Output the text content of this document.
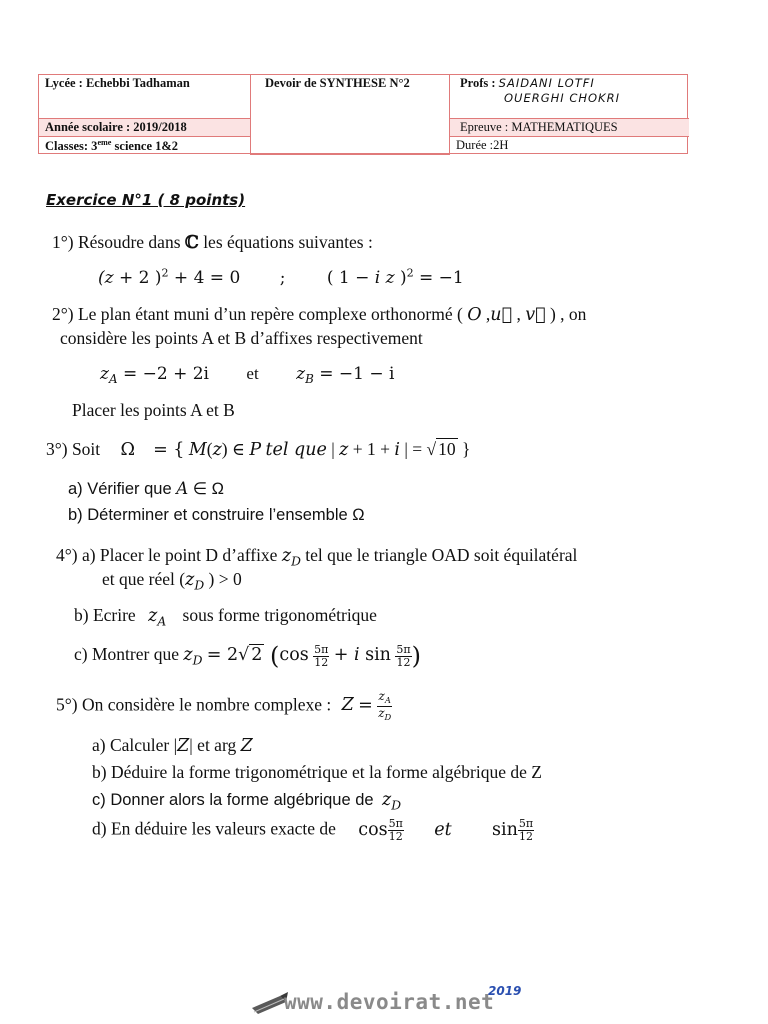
Lycée : Echebbi Tadhaman	Devoir de SYNTHESE N°2	Profs : SAIDANI LOTFI
OUERGHI CHOKRI
Année scolaire : 2019/2018	Epreuve : MATHEMATIQUES
Classes: 3eme science 1&2	Durée :2H
Exercice N°1 ( 8 points)
1°) Résoudre dans ℂ les équations suivantes :
(z + 2 )$^2$ + 4 = 0 ; ( 1 − i z )$^2$ = −1
2°) Le plan étant muni d’un repère complexe orthonormé ( O ,u⃗ , v⃗ ) , on
considère les points A et B d’affixes respectivement
$z_A = -2 + 2i$ et $z_B = -1 - i$
Placer les points A et B
3°) Soit Ω = { M(z) ∈ P tel que | z + 1 + i | = √ 10 }
a) Vérifier que A ∈ Ω
b) Déterminer et construire l’ensemble Ω
4°) a) Placer le point D d’affixe $z_D$ tel que le triangle OAD soit équilatéral
et que réel ($z_D$ ) > 0
b) Ecrire $z_A$ sous forme trigonométrique
c) Montrer que $z_D = 2√$ 2 ($\cos \frac{5\pi}{12} + i$ $\sin \frac{5\pi}{12}$ )
5°) On considère le nombre complexe : $Z = \frac{z_A}{z_D}$
a) Calculer |Z| et arg Z
b) Déduire la forme trigonométrique et la forme algébrique de Z
c) Donner alors la forme algébrique de $z_D$
d) En déduire les valeurs exacte de $\cos \frac{5\pi}{12}$ et $\sin \frac{5\pi}{12}$
www.devoirat.net
2019
